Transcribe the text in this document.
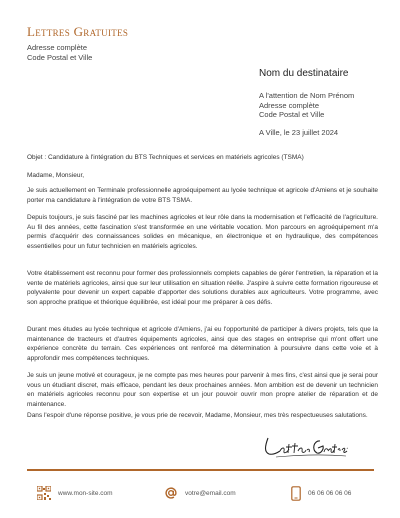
Lettres Gratuites
Adresse complète
Code Postal et Ville
Nom du destinataire
A l'attention de Nom Prénom
Adresse complète
Code Postal et Ville
A Ville, le 23 juillet 2024
Objet : Candidature à l'intégration du BTS Techniques et services en matériels agricoles (TSMA)
Madame, Monsieur,

Je suis actuellement en Terminale professionnelle agroéquipement au lycée technique et agricole d'Amiens et je souhaite porter ma candidature à l'intégration de votre BTS TSMA.

Depuis toujours, je suis fasciné par les machines agricoles et leur rôle dans la modernisation et l'efficacité de l'agriculture. Au fil des années, cette fascination s'est transformée en une véritable vocation. Mon parcours en agroéquipement m'a permis d'acquérir des connaissances solides en mécanique, en électronique et en hydraulique, des compétences essentielles pour un futur technicien en matériels agricoles.

Votre établissement est reconnu pour former des professionnels complets capables de gérer l'entretien, la réparation et la vente de matériels agricoles, ainsi que sur leur utilisation en situation réelle. J'aspire à suivre cette formation rigoureuse et polyvalente pour devenir un expert capable d'apporter des solutions durables aux agriculteurs. Votre programme, avec son approche pratique et théorique équilibrée, est idéal pour me préparer à ces défis.

Durant mes études au lycée technique et agricole d'Amiens, j'ai eu l'opportunité de participer à divers projets, tels que la maintenance de tracteurs et d'autres équipements agricoles, ainsi que des stages en entreprise qui m'ont offert une expérience concrète du terrain. Ces expériences ont renforcé ma détermination à poursuivre dans cette voie et à approfondir mes compétences techniques.

Je suis un jeune motivé et courageux, je ne compte pas mes heures pour parvenir à mes fins, c'est ainsi que je serai pour vous un étudiant discret, mais efficace, pendant les deux prochaines années. Mon ambition est de devenir un technicien en matériels agricoles reconnu pour son expertise et un jour pouvoir ouvrir mon propre atelier de réparation et de maintenance.

Dans l'espoir d'une réponse positive, je vous prie de recevoir, Madame, Monsieur, mes très respectueuses salutations.

www.mon-site.com	votre@email.com	06 06 06 06 06
